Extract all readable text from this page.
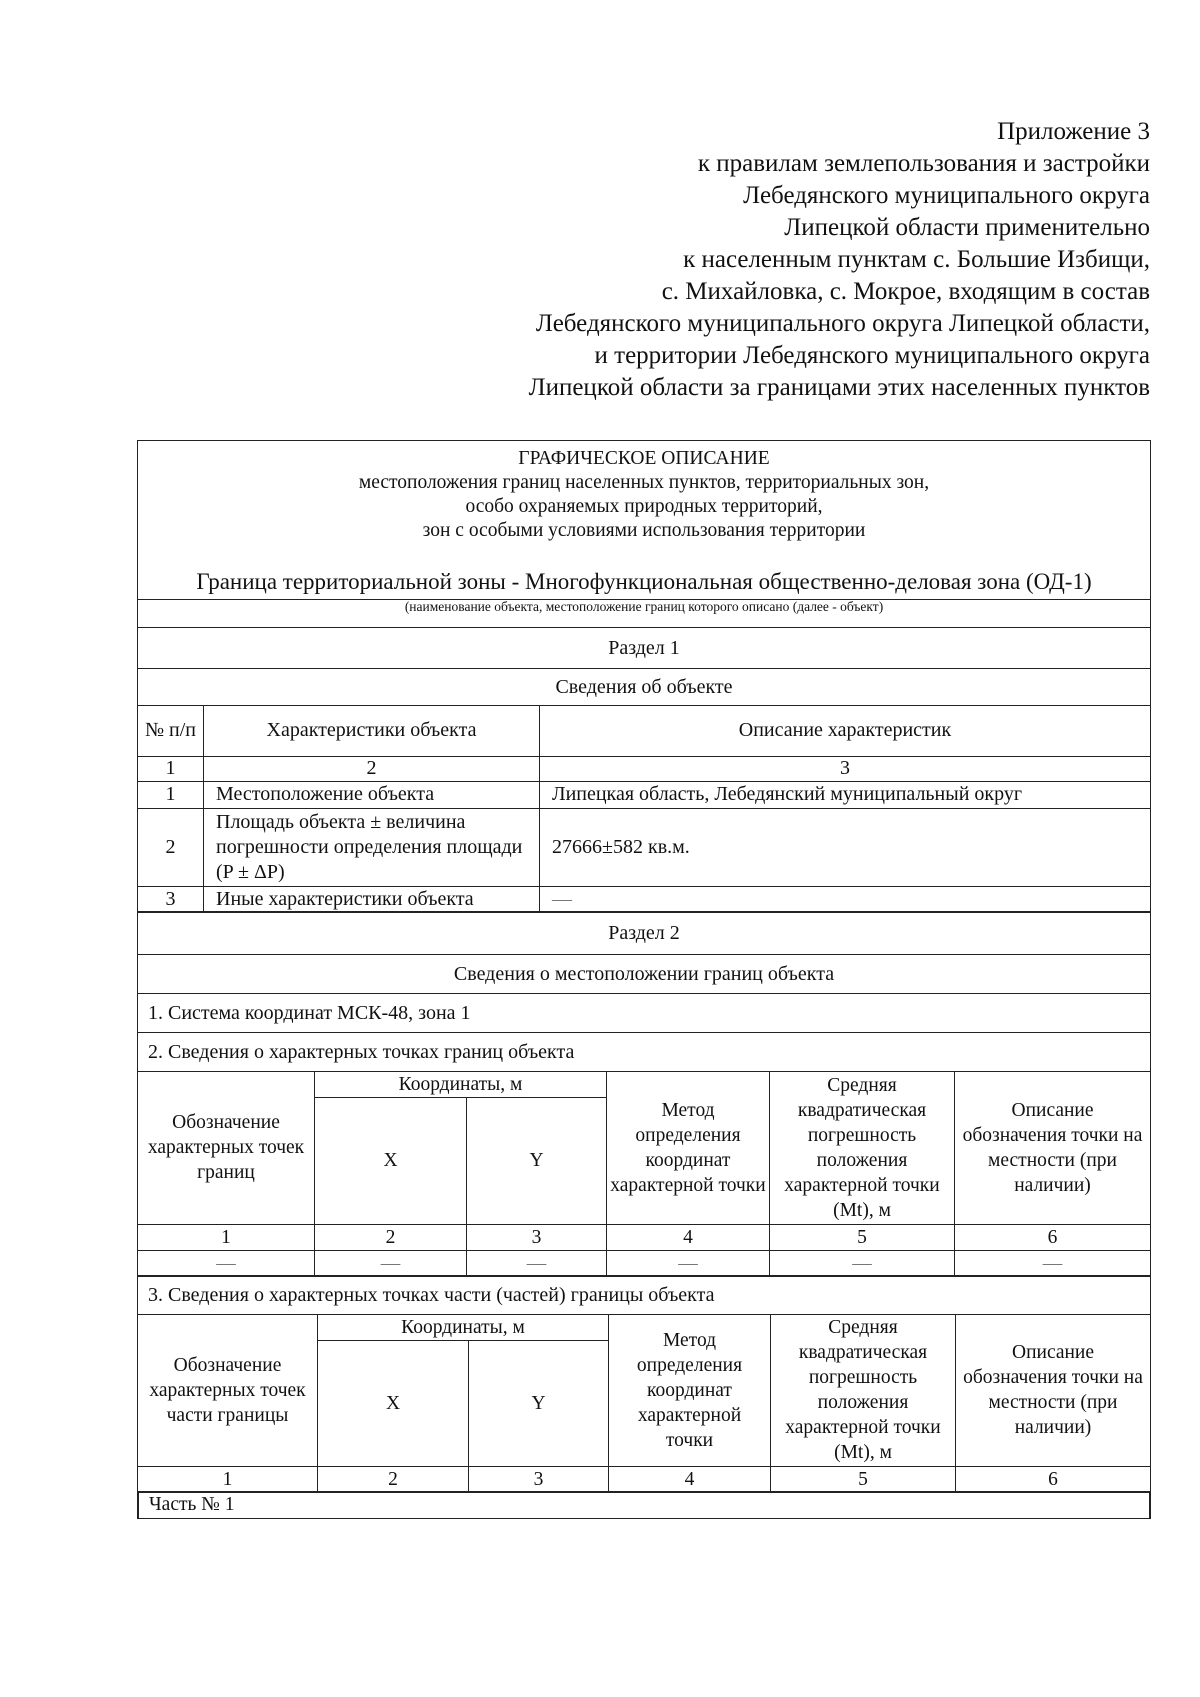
Приложение 3
к правилам землепользования и застройки
Лебедянского муниципального округа
Липецкой области применительно
к населенным пунктам с. Большие Избищи,
с. Михайловка, с. Мокрое, входящим в состав
Лебедянского муниципального округа Липецкой области,
и территории Лебедянского муниципального округа
Липецкой области за границами этих населенных пунктов
ГРАФИЧЕСКОЕ ОПИСАНИЕ
местоположения границ населенных пунктов, территориальных зон,
особо охраняемых природных территорий,
зон с особыми условиями использования территории

Граница территориальной зоны - Многофункциональная общественно-деловая зона (ОД-1)
(наименование объекта, местоположение границ которого описано (далее - объект)
Раздел 1
Сведения об объекте
№ п/п	Характеристики объекта	Описание характеристик
1	2	3
1	Местоположение объекта	Липецкая область, Лебедянский муниципальный округ
2	Площадь объекта ± величина погрешности определения площади (P ± ΔP)	27666±582 кв.м.
3	Иные характеристики объекта	—
Раздел 2
Сведения о местоположении границ объекта
1. Система координат МСК-48, зона 1
2. Сведения о характерных точках границ объекта
Обозначение характерных точек границ	Координаты, м		Метод определения координат характерной точки	Средняя квадратическая погрешность положения характерной точки (Mt), м	Описание обозначения точки на местности (при наличии)
	X	Y			
1	2	3	4	5	6
—	—	—	—	—	—
3. Сведения о характерных точках части (частей) границы объекта
Обозначение характерных точек части границы	Координаты, м		Метод определения координат характерной точки	Средняя квадратическая погрешность положения характерной точки (Mt), м	Описание обозначения точки на местности (при наличии)
	X	Y			
1	2	3	4	5	6
Часть № 1
